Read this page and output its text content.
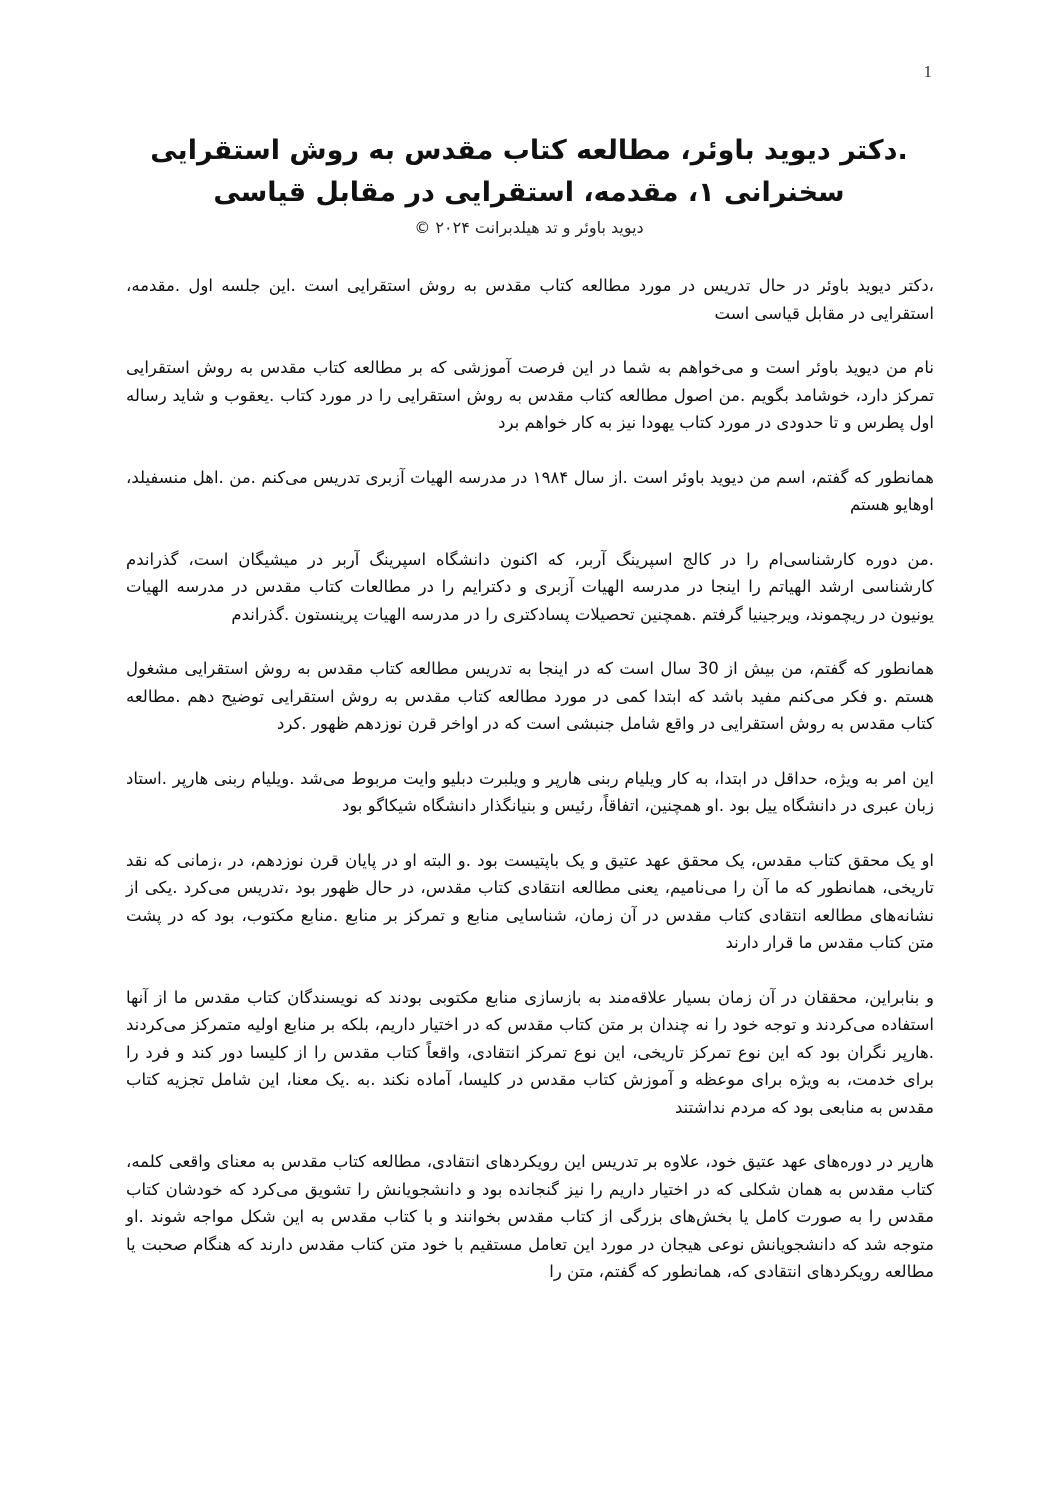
1
.دکتر دیوید باوئر، مطالعه کتاب مقدس به روش استقرایی
سخنرانی ۱، مقدمه، استقرایی در مقابل قیاسی
دیوید باوئر و تد هیلدبرانت ۲۰۲۴ ©

،دکتر دیوید باوئر در حال تدریس در مورد مطالعه کتاب مقدس به روش استقرایی است .این جلسه اول .مقدمه، استقرایی در مقابل قیاسی است

نام من دیوید باوئر است و می‌خواهم به شما در این فرصت آموزشی که بر مطالعه کتاب مقدس به روش استقرایی تمرکز دارد، خوشامد بگویم .من اصول مطالعه کتاب مقدس به روش استقرایی را در مورد کتاب .یعقوب و شاید رساله اول پطرس و تا حدودی در مورد کتاب یهودا نیز به کار خواهم برد

همانطور که گفتم، اسم من دیوید باوئر است .از سال ۱۹۸۴ در مدرسه الهیات آزبری تدریس می‌کنم .من .اهل منسفیلد، اوهایو هستم

.من دوره کارشناسی‌ام را در کالج اسپرینگ آربر، که اکنون دانشگاه اسپرینگ آربر در میشیگان است، گذراندم کارشناسی ارشد الهیاتم را اینجا در مدرسه الهیات آزبری و دکترایم را در مطالعات کتاب مقدس در مدرسه الهیات یونیون در ریچموند، ویرجینیا گرفتم .همچنین تحصیلات پسادکتری را در مدرسه الهیات پرینستون .گذراندم

همانطور که گفتم، من بیش از 30 سال است که در اینجا به تدریس مطالعه کتاب مقدس به روش استقرایی مشغول هستم .و فکر می‌کنم مفید باشد که ابتدا کمی در مورد مطالعه کتاب مقدس به روش استقرایی توضیح دهم .مطالعه کتاب مقدس به روش استقرایی در واقع شامل جنبشی است که در اواخر قرن نوزدهم ظهور .کرد

این امر به ویژه، حداقل در ابتدا، به کار ویلیام ربنی هارپر و ویلبرت دبلیو وایت مربوط می‌شد .ویلیام ربنی هارپر .استاد زبان عبری در دانشگاه ییل بود .او همچنین، اتفاقاً، رئیس و بنیانگذار دانشگاه شیکاگو بود

او یک محقق کتاب مقدس، یک محقق عهد عتیق و یک باپتیست بود .و البته او در پایان قرن نوزدهم، در ،زمانی که نقد تاریخی، همانطور که ما آن را می‌نامیم، یعنی مطالعه انتقادی کتاب مقدس، در حال ظهور بود ،تدریس می‌کرد .یکی از نشانه‌های مطالعه انتقادی کتاب مقدس در آن زمان، شناسایی منابع و تمرکز بر منابع .منابع مکتوب، بود که در پشت متن کتاب مقدس ما قرار دارند

و بنابراین، محققان در آن زمان بسیار علاقه‌مند به بازسازی منابع مکتوبی بودند که نویسندگان کتاب مقدس ما از آنها استفاده می‌کردند و توجه خود را نه چندان بر متن کتاب مقدس که در اختیار داریم، بلکه بر منابع اولیه متمرکز می‌کردند .هارپر نگران بود که این نوع تمرکز تاریخی، این نوع تمرکز انتقادی، واقعاً کتاب مقدس را از کلیسا دور کند و فرد را برای خدمت، به ویژه برای موعظه و آموزش کتاب مقدس در کلیسا، آماده نکند .به .یک معنا، این شامل تجزیه کتاب مقدس به منابعی بود که مردم نداشتند

هارپر در دوره‌های عهد عتیق خود، علاوه بر تدریس این رویکردهای انتقادی، مطالعه کتاب مقدس به معنای واقعی کلمه، کتاب مقدس به همان شکلی که در اختیار داریم را نیز گنجانده بود و دانشجویانش را تشویق می‌کرد که خودشان کتاب مقدس را به صورت کامل یا بخش‌های بزرگی از کتاب مقدس بخوانند و با کتاب مقدس به این شکل مواجه شوند .او متوجه شد که دانشجویانش نوعی هیجان در مورد این تعامل مستقیم با خود متن کتاب مقدس دارند که هنگام صحبت یا مطالعه رویکردهای انتقادی که، همانطور که گفتم، متن را
